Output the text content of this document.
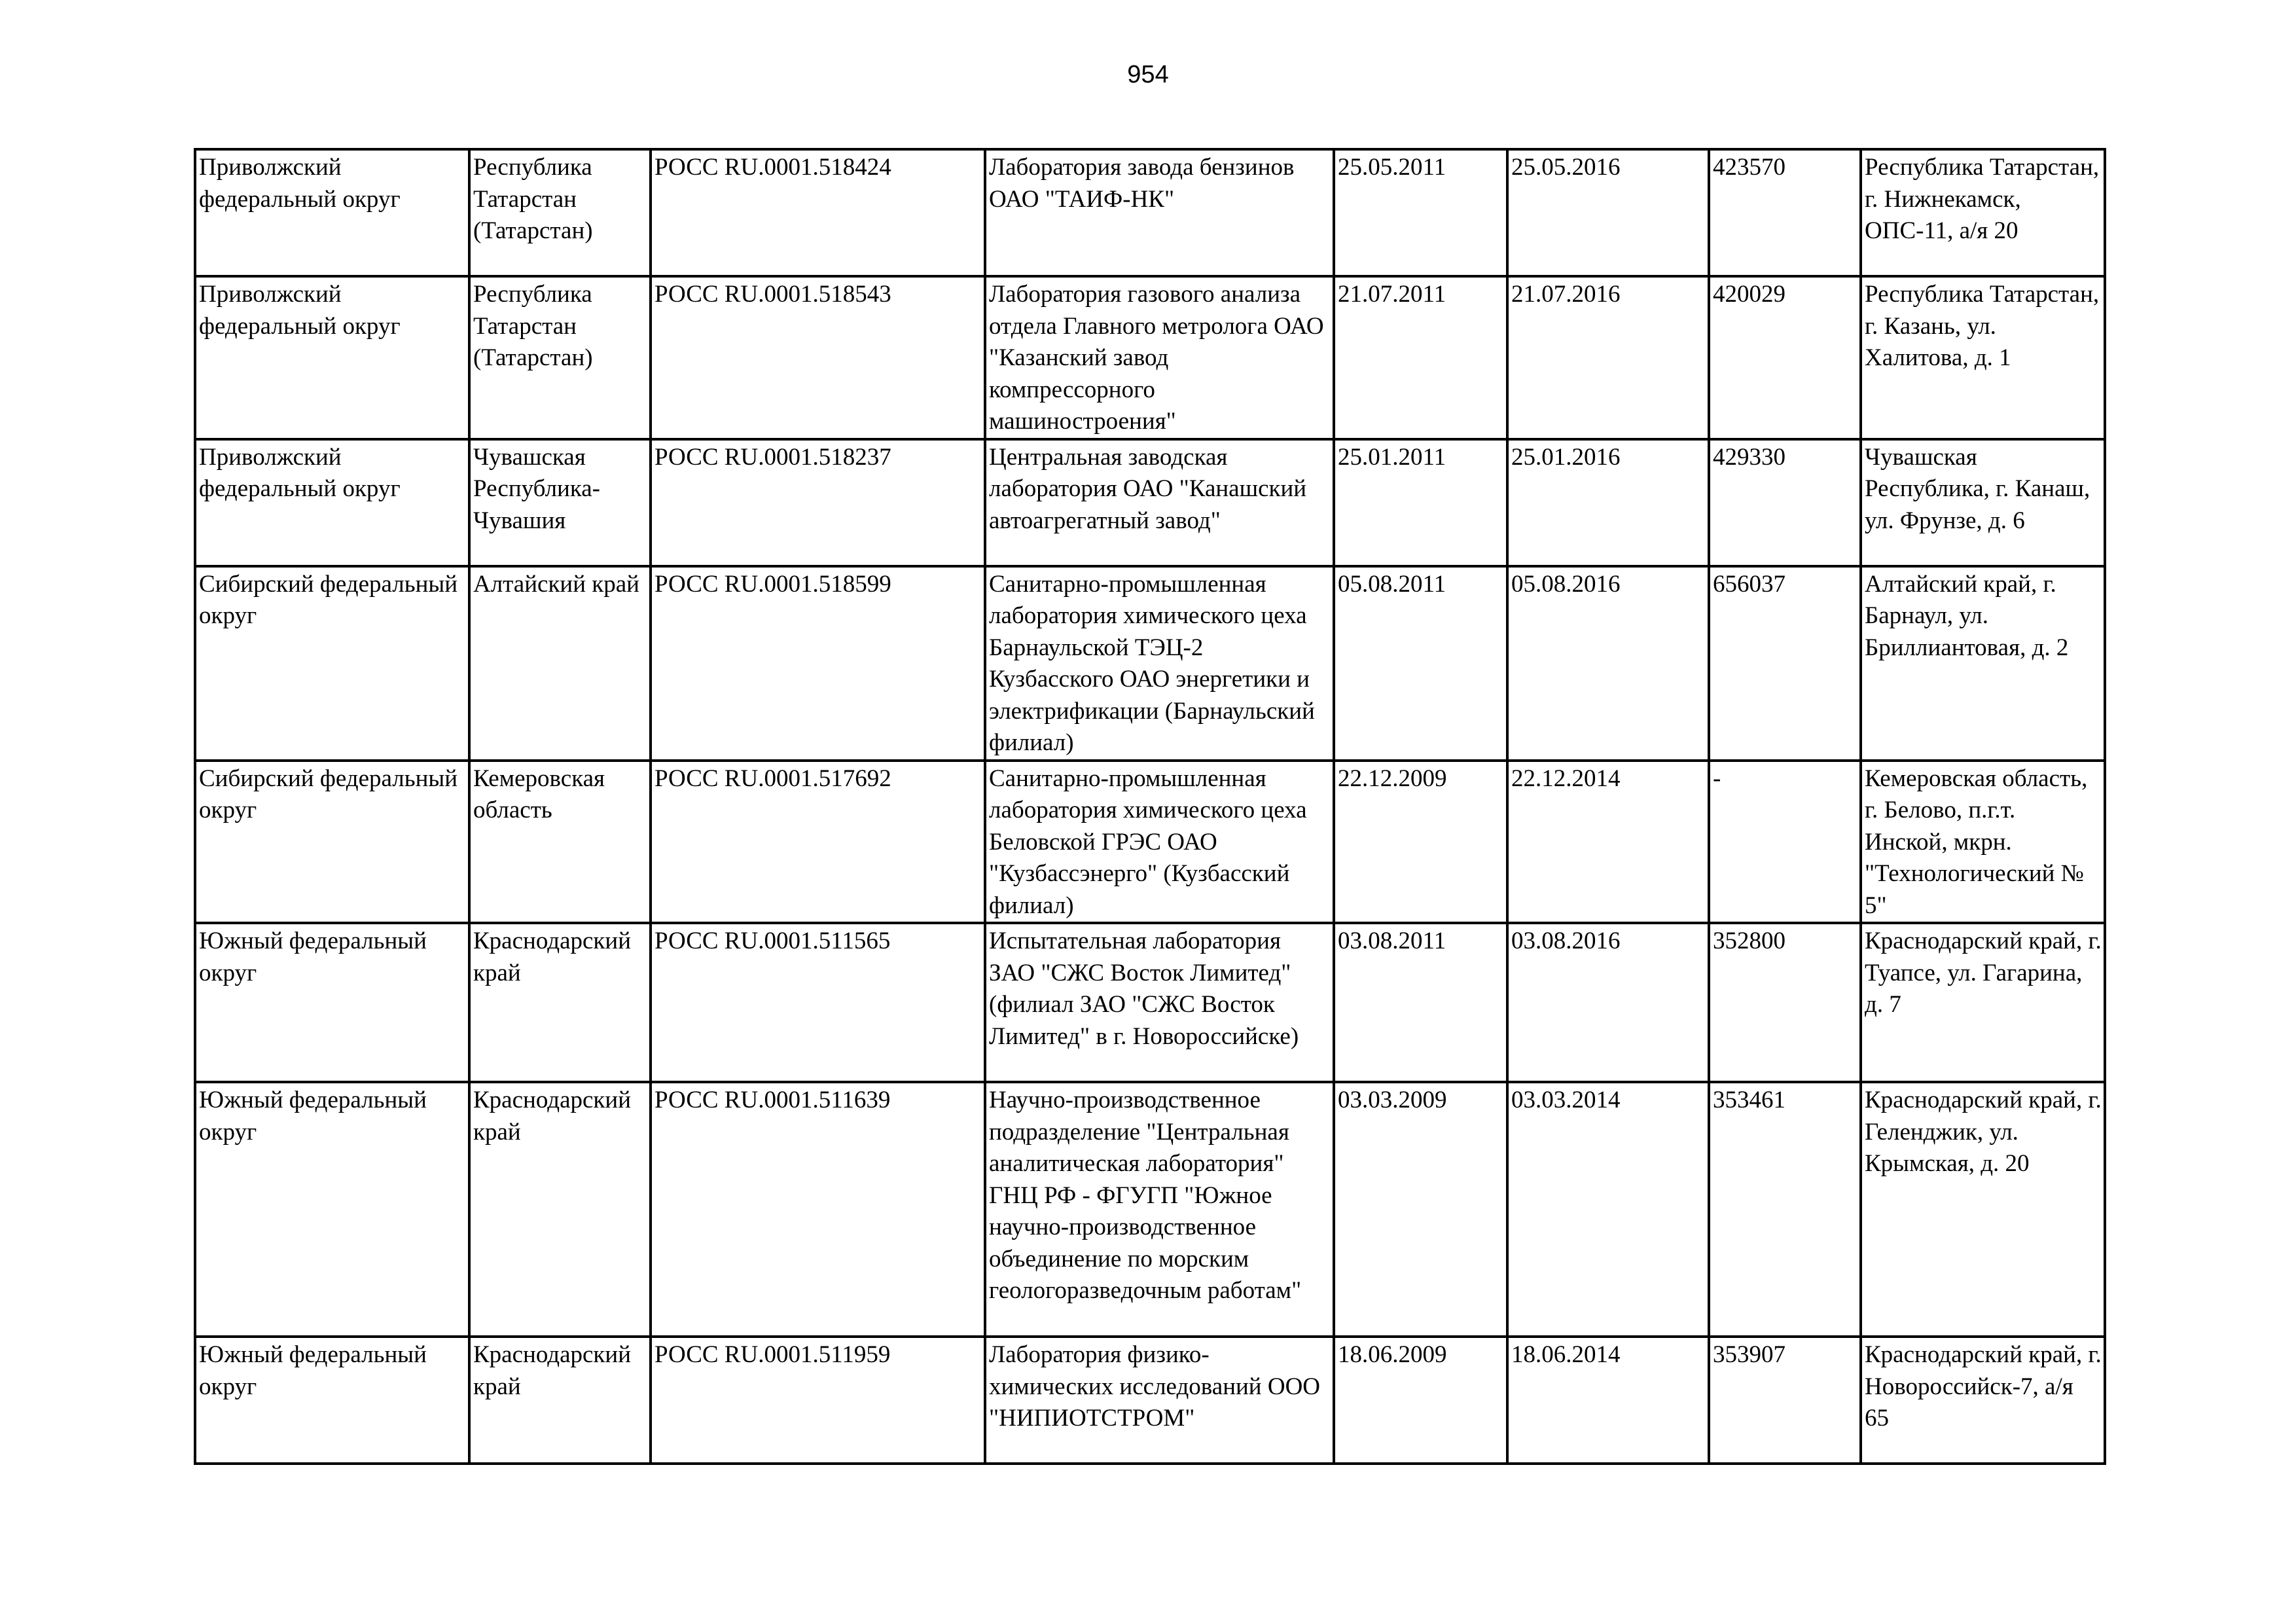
954
Приволжский федеральный округ	Республика Татарстан (Татарстан)	РОСС RU.0001.518424	Лаборатория завода бензинов ОАО "ТАИФ-НК"	25.05.2011	25.05.2016	423570	Республика Татарстан, г. Нижнекамск, ОПС-11, а/я 20
Приволжский федеральный округ	Республика Татарстан (Татарстан)	РОСС RU.0001.518543	Лаборатория газового анализа отдела Главного метролога ОАО "Казанский завод компрессорного машиностроения"	21.07.2011	21.07.2016	420029	Республика Татарстан, г. Казань, ул. Халитова, д. 1
Приволжский федеральный округ	Чувашская Республика-Чувашия	РОСС RU.0001.518237	Центральная заводская лаборатория ОАО "Канашский автоагрегатный завод"	25.01.2011	25.01.2016	429330	Чувашская Республика, г. Канаш, ул. Фрунзе, д. 6
Сибирский федеральный округ	Алтайский край	РОСС RU.0001.518599	Санитарно-промышленная лаборатория химического цеха Барнаульской ТЭЦ-2 Кузбасского ОАО энергетики и электрификации (Барнаульский филиал)	05.08.2011	05.08.2016	656037	Алтайский край, г. Барнаул, ул. Бриллиантовая, д. 2
Сибирский федеральный округ	Кемеровская область	РОСС RU.0001.517692	Санитарно-промышленная лаборатория химического цеха Беловской ГРЭС ОАО "Кузбассэнерго" (Кузбасский филиал)	22.12.2009	22.12.2014	-	Кемеровская область, г. Белово, п.г.т. Инской, мкрн. "Технологический № 5"
Южный федеральный округ	Краснодарский край	РОСС RU.0001.511565	Испытательная лаборатория ЗАО "СЖС Восток Лимитед" (филиал ЗАО "СЖС Восток Лимитед" в г. Новороссийске)	03.08.2011	03.08.2016	352800	Краснодарский край, г. Туапсе, ул. Гагарина, д. 7
Южный федеральный округ	Краснодарский край	РОСС RU.0001.511639	Научно-производственное подразделение "Центральная аналитическая лаборатория" ГНЦ РФ - ФГУГП "Южное научно-производственное объединение по морским геологоразведочным работам"	03.03.2009	03.03.2014	353461	Краснодарский край, г. Геленджик, ул. Крымская, д. 20
Южный федеральный округ	Краснодарский край	РОСС RU.0001.511959	Лаборатория физико-химических исследований ООО "НИПИОТСТРОМ"	18.06.2009	18.06.2014	353907	Краснодарский край, г. Новороссийск-7, а/я 65
